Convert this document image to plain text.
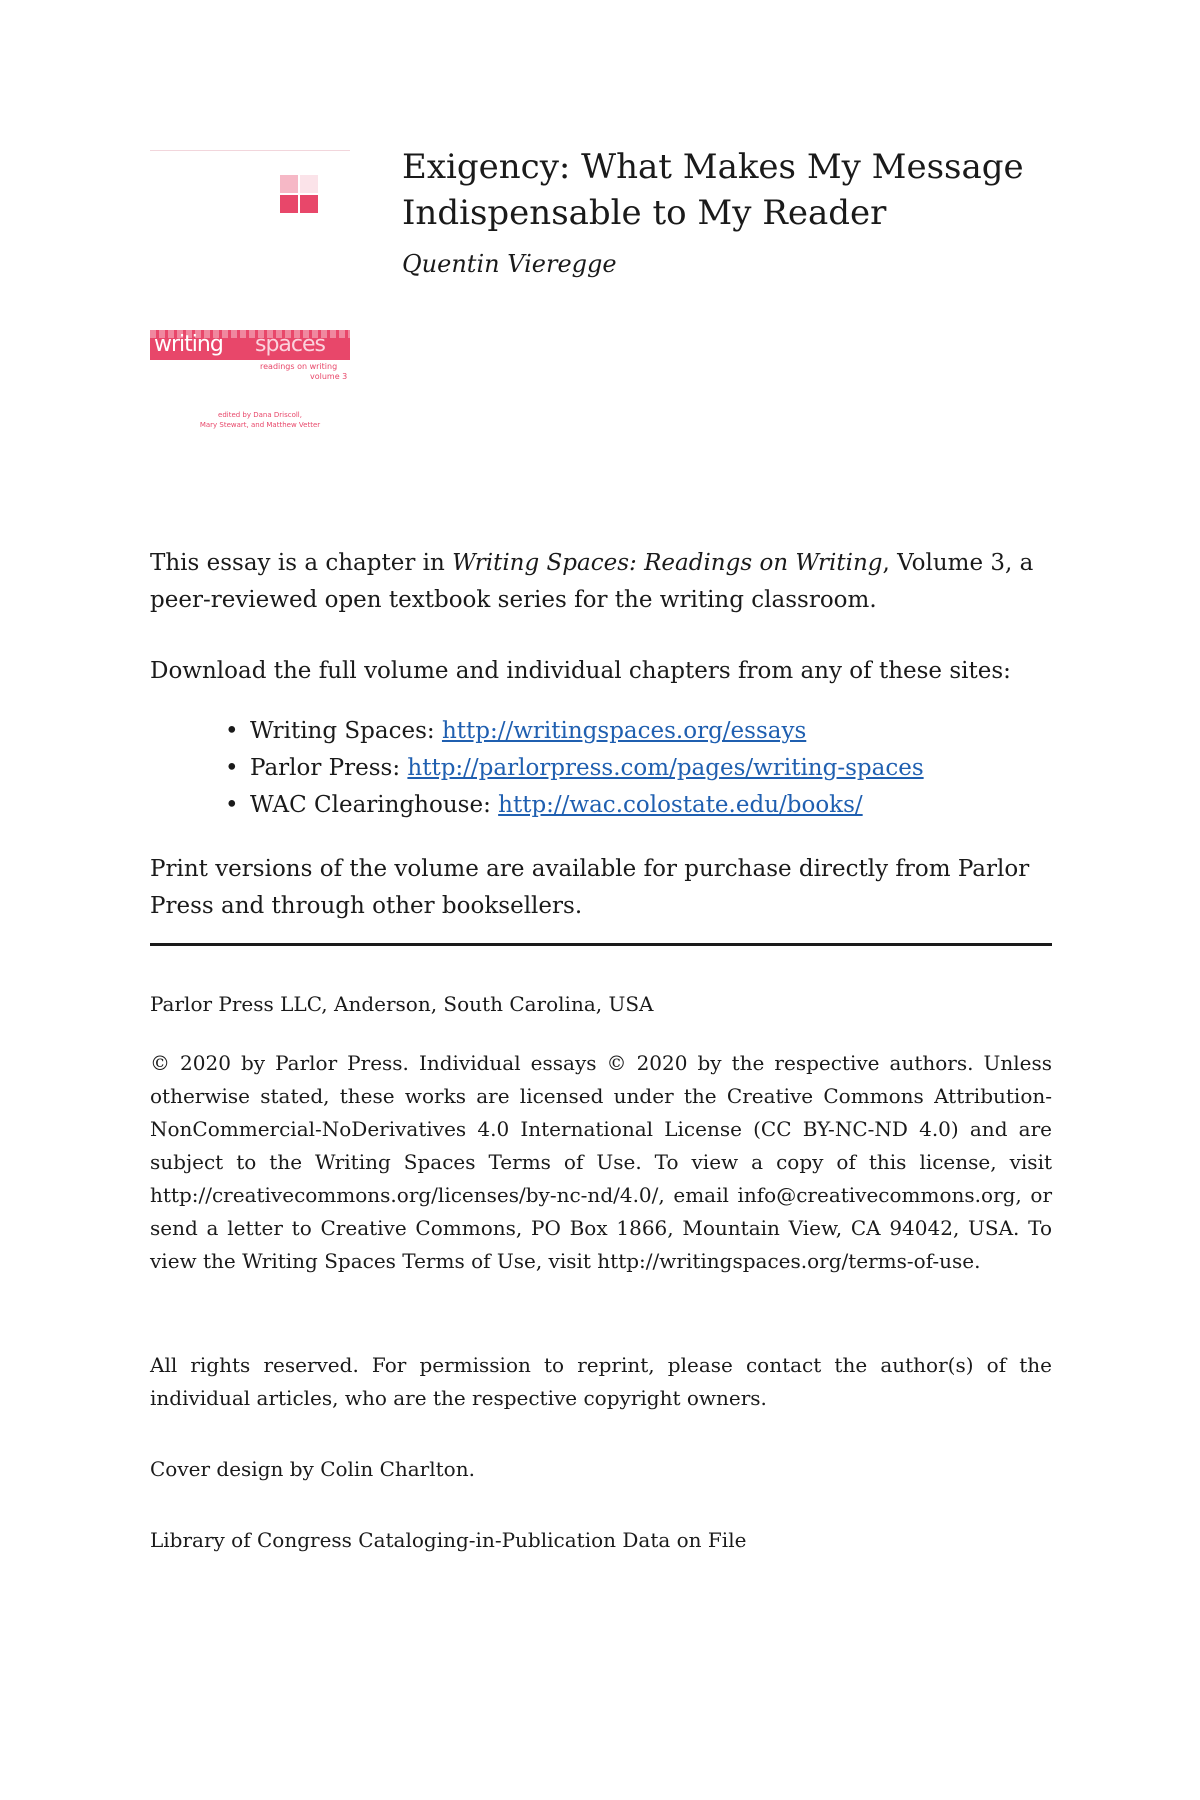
writing spaces
readings on writing
volume 3
edited by Dana Driscoll,
Mary Stewart, and Matthew Vetter
Exigency: What Makes My Message Indispensable to My Reader
Quentin Vieregge

This essay is a chapter in Writing Spaces: Readings on Writing, Volume 3, a peer-reviewed open textbook series for the writing classroom.

Download the full volume and individual chapters from any of these sites:

• Writing Spaces: http://writingspaces.org/essays
• Parlor Press: http://parlorpress.com/pages/writing-spaces
• WAC Clearinghouse: http://wac.colostate.edu/books/

Print versions of the volume are available for purchase directly from Parlor Press and through other booksellers.

Parlor Press LLC, Anderson, South Carolina, USA

© 2020 by Parlor Press. Individual essays © 2020 by the respective authors. Unless otherwise stated, these works are licensed under the Creative Commons Attribution-NonCommercial-NoDerivatives 4.0 International License (CC BY-NC-ND 4.0) and are subject to the Writing Spaces Terms of Use. To view a copy of this license, visit http://creativecommons.org/licenses/by-nc-nd/4.0/, email info@creativecommons.org, or send a letter to Creative Commons, PO Box 1866, Mountain View, CA 94042, USA. To view the Writing Spaces Terms of Use, visit http://writingspaces.org/terms-of-use.

All rights reserved. For permission to reprint, please contact the author(s) of the individual articles, who are the respective copyright owners.

Cover design by Colin Charlton.

Library of Congress Cataloging-in-Publication Data on File
